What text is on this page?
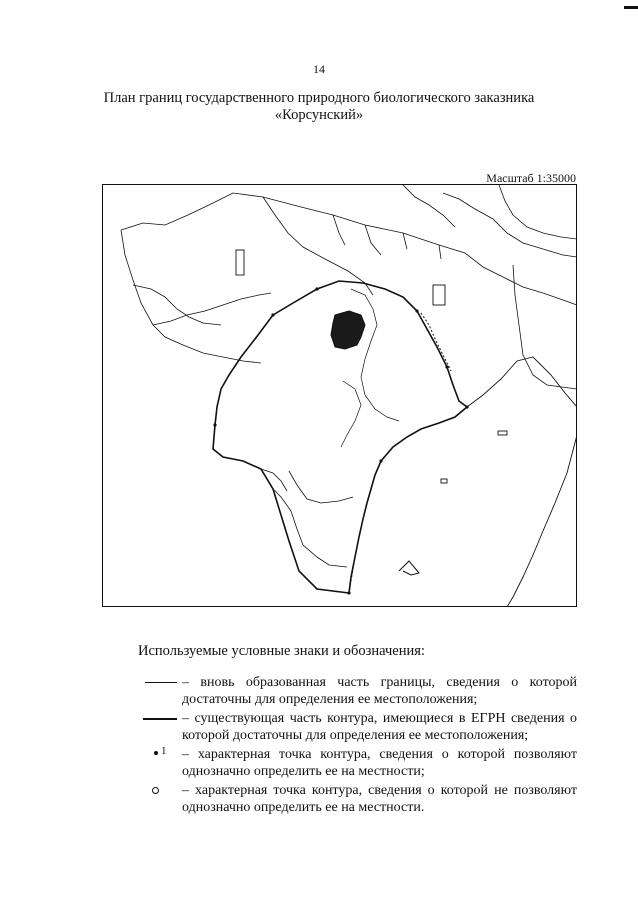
14
План границ государственного природного биологического заказника
«Корсунский»
Масштаб 1:35000
Используемые условные знаки и обозначения:
– вновь образованная часть границы, сведения о которой достаточны для определения ее местоположения;
– существующая часть контура, имеющиеся в ЕГРН сведения о которой достаточны для определения ее местоположения;
1 – характерная точка контура, сведения о которой позволяют однозначно определить ее на местности;
– характерная точка контура, сведения о которой не позволяют однозначно определить ее на местности.
